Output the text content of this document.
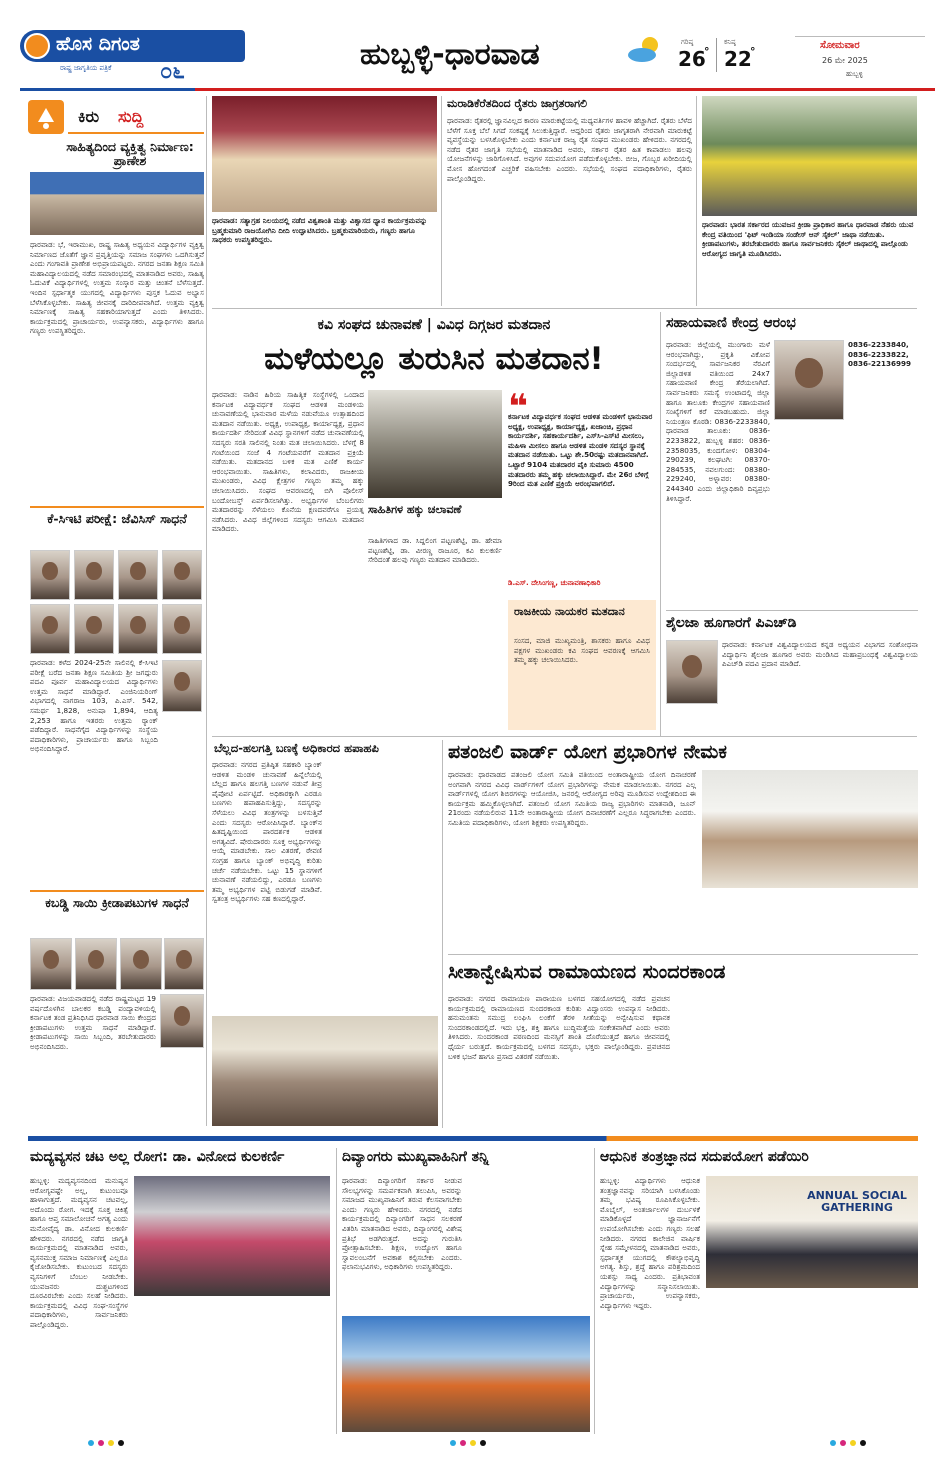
ಹೊಸ ದಿಗಂತ
ರಾಷ್ಟ್ರ ಜಾಗೃತಿಯ ಪತ್ರಿಕೆ ೦೬	ಹುಬ್ಬಳ್ಳಿ-ಧಾರವಾಡ	ಗರಿಷ್ಠ
26
°
ಕನಿಷ್ಠ
22
°	ಸೋಮವಾರ
26 ಮೇ 2025
ಹುಬ್ಬಳ್ಳಿ
ಕಿರು ಸುದ್ದಿ
ಸಾಹಿತ್ಯದಿಂದ ವ್ಯಕ್ತಿತ್ವ ನಿರ್ಮಾಣ: ಪ್ರಾಣೇಶ
ಧಾರವಾಡ: ಭೆ, ಇರಾಮುಖ, ರಾಷ್ಟ್ರ ಸಾಹಿತ್ಯ ಅಧ್ಯಯನ ವಿದ್ಯಾರ್ಥಿಗಳ ವ್ಯಕ್ತಿತ್ವ ನಿರ್ಮಾಣದ ಜೊತೆಗೆ ಜ್ಞಾನ ಪ್ರವೃತ್ತಿಯನ್ನು ಸಮಾಜ ಸಂಘಗಳು ಒದಗಿಸುತ್ತವೆ ಎಂದು ಗಂಗಾವತಿ ಪ್ರಾಣೇಶ ಅಭಿಪ್ರಾಯಪಟ್ಟರು. ನಗರದ ಜನತಾ ಶಿಕ್ಷಣ ಸಮಿತಿ ಮಹಾವಿದ್ಯಾಲಯದಲ್ಲಿ ನಡೆದ ಸಮಾರಂಭದಲ್ಲಿ ಮಾತನಾಡಿದ ಅವರು, ಸಾಹಿತ್ಯ ಓದುವಿಕೆ ವಿದ್ಯಾರ್ಥಿಗಳಲ್ಲಿ ಉತ್ತಮ ಸಂಸ್ಕಾರ ಮತ್ತು ಚಿಂತನೆ ಬೆಳೆಸುತ್ತದೆ. ಇಂದಿನ ಸ್ಪರ್ಧಾತ್ಮಕ ಯುಗದಲ್ಲಿ ವಿದ್ಯಾರ್ಥಿಗಳು ಪುಸ್ತಕ ಓದುವ ಅಭ್ಯಾಸ ಬೆಳೆಸಿಕೊಳ್ಳಬೇಕು. ಸಾಹಿತ್ಯ ಜೀವನಕ್ಕೆ ದಾರಿದೀಪವಾಗಿದೆ. ಉತ್ತಮ ವ್ಯಕ್ತಿತ್ವ ನಿರ್ಮಾಣಕ್ಕೆ ಸಾಹಿತ್ಯ ಸಹಕಾರಿಯಾಗುತ್ತದೆ ಎಂದು ತಿಳಿಸಿದರು. ಕಾರ್ಯಕ್ರಮದಲ್ಲಿ ಪ್ರಾಚಾರ್ಯರು, ಉಪನ್ಯಾಸಕರು, ವಿದ್ಯಾರ್ಥಿಗಳು ಹಾಗೂ ಗಣ್ಯರು ಉಪಸ್ಥಿತರಿದ್ದರು.
ಕೆ-ಸಿಇಟಿ ಪರೀಕ್ಷೆ: ಜೆವಿಸಿಸ್ ಸಾಧನೆ
ಧಾರವಾಡ: ಕಳೆದ 2024-25ನೇ ಸಾಲಿನಲ್ಲಿ ಕೆ-ಸಿಇಟಿ ಪರೀಕ್ಷೆ ಬರೆದ ಜನತಾ ಶಿಕ್ಷಣ ಸಮಿತಿಯ ಶ್ರೀ ಜಗದ್ಗುರು ಪದವಿ ಪೂರ್ವ ಮಹಾವಿದ್ಯಾಲಯದ ವಿದ್ಯಾರ್ಥಿಗಳು ಉತ್ತಮ ಸಾಧನೆ ಮಾಡಿದ್ದಾರೆ. ಎಂಜಿನಿಯರಿಂಗ್ ವಿಭಾಗದಲ್ಲಿ ನಾಗರಾಜ 103, ಪಿ.ಎಸ್. 542, ಸಮರ್ಥ 1,828, ಅನುಷಾ 1,894, ಆದಿತ್ಯ 2,253 ಹಾಗೂ ಇತರರು ಉತ್ತಮ ರ‍್ಯಾಂಕ್ ಪಡೆದಿದ್ದಾರೆ. ಸಾಧನೆಗೈದ ವಿದ್ಯಾರ್ಥಿಗಳನ್ನು ಸಂಸ್ಥೆಯ ಪದಾಧಿಕಾರಿಗಳು, ಪ್ರಾಚಾರ್ಯರು ಹಾಗೂ ಸಿಬ್ಬಂದಿ ಅಭಿನಂದಿಸಿದ್ದಾರೆ.
ಕಬಡ್ಡಿ ಸಾಯಿ ಕ್ರೀಡಾಪಟುಗಳ ಸಾಧನೆ
ಧಾರವಾಡ: ವಿಜಯವಾಡದಲ್ಲಿ ನಡೆದ ರಾಷ್ಟ್ರಮಟ್ಟದ 19 ವರ್ಷದೊಳಗಿನ ಬಾಲಕರ ಕಬಡ್ಡಿ ಪಂದ್ಯಾವಳಿಯಲ್ಲಿ ಕರ್ನಾಟಕ ತಂಡ ಪ್ರತಿನಿಧಿಸಿದ ಧಾರವಾಡ ಸಾಯಿ ಕೇಂದ್ರದ ಕ್ರೀಡಾಪಟುಗಳು ಉತ್ತಮ ಸಾಧನೆ ಮಾಡಿದ್ದಾರೆ. ಕ್ರೀಡಾಪಟುಗಳನ್ನು ಸಾಯಿ ಸಿಬ್ಬಂದಿ, ತರಬೇತುದಾರರು ಅಭಿನಂದಿಸಿದರು.
ಧಾರವಾಡ: ಸತ್ಯಾಗ್ರಹ ನಿಲಯದಲ್ಲಿ ನಡೆದ ವಿಶ್ವಶಾಂತಿ ಮತ್ತು ವಿಶ್ವಾಸದ ಧ್ಯಾನ ಕಾರ್ಯಕ್ರಮವನ್ನು ಬ್ರಹ್ಮಕುಮಾರಿ ರಾಜಯೋಗಿನಿ ದೀದಿ ಉದ್ಘಾಟಿಸಿದರು. ಬ್ರಹ್ಮಕುಮಾರಿಯರು, ಗಣ್ಯರು ಹಾಗೂ ಸಾಧಕರು ಉಪಸ್ಥಿತರಿದ್ದರು.
ಮರಾಡಿಕೆರೆತದಿಂದ ರೈತರು ಜಾಗ್ರತರಾಗಲಿ
ಧಾರವಾಡ: ರೈತರಲ್ಲಿ ಜ್ಞಾನವಿಲ್ಲದ ಕಾರಣ ಮಾರುಕಟ್ಟೆಯಲ್ಲಿ ಮಧ್ಯವರ್ತಿಗಳ ಹಾವಳಿ ಹೆಚ್ಚಾಗಿದೆ. ರೈತರು ಬೆಳೆದ ಬೆಳೆಗೆ ಸೂಕ್ತ ಬೆಲೆ ಸಿಗದೆ ಸಂಕಷ್ಟಕ್ಕೆ ಸಿಲುಕುತ್ತಿದ್ದಾರೆ. ಆದ್ದರಿಂದ ರೈತರು ಜಾಗೃತರಾಗಿ ನೇರವಾಗಿ ಮಾರುಕಟ್ಟೆ ವ್ಯವಸ್ಥೆಯನ್ನು ಬಳಸಿಕೊಳ್ಳಬೇಕು ಎಂದು ಕರ್ನಾಟಕ ರಾಜ್ಯ ರೈತ ಸಂಘದ ಮುಖಂಡರು ಹೇಳಿದರು. ನಗರದಲ್ಲಿ ನಡೆದ ರೈತರ ಜಾಗೃತಿ ಸಭೆಯಲ್ಲಿ ಮಾತನಾಡಿದ ಅವರು, ಸರ್ಕಾರ ರೈತರ ಹಿತ ಕಾಪಾಡಲು ಹಲವು ಯೋಜನೆಗಳನ್ನು ಜಾರಿಗೊಳಿಸಿದೆ. ಅವುಗಳ ಸದುಪಯೋಗ ಪಡೆದುಕೊಳ್ಳಬೇಕು. ಬೀಜ, ಗೊಬ್ಬರ ಖರೀದಿಯಲ್ಲಿ ಮೋಸ ಹೋಗದಂತೆ ಎಚ್ಚರಿಕೆ ವಹಿಸಬೇಕು ಎಂದರು. ಸಭೆಯಲ್ಲಿ ಸಂಘದ ಪದಾಧಿಕಾರಿಗಳು, ರೈತರು ಪಾಲ್ಗೊಂಡಿದ್ದರು.
ಧಾರವಾಡ: ಭಾರತ ಸರ್ಕಾರದ ಯುವಜನ ಕ್ರೀಡಾ ಪ್ರಾಧಿಕಾರ ಹಾಗೂ ಧಾರವಾಡ ನೆಹರು ಯುವ ಕೇಂದ್ರ ವತಿಯಿಂದ 'ಫಿಟ್ ಇಂಡಿಯಾ ಸಂಡೇಸ್ ಆನ್ ಸೈಕಲ್' ಜಾಥಾ ನಡೆಯಿತು. ಕ್ರೀಡಾಪಟುಗಳು, ತರಬೇತುದಾರರು ಹಾಗೂ ಸಾರ್ವಜನಿಕರು ಸೈಕಲ್ ಜಾಥಾದಲ್ಲಿ ಪಾಲ್ಗೊಂಡು ಆರೋಗ್ಯದ ಜಾಗೃತಿ ಮೂಡಿಸಿದರು.
ಕವಿ ಸಂಘದ ಚುನಾವಣೆ | ವಿವಿಧ ದಿಗ್ಗಜರ ಮತದಾನ
ಮಳೆಯಲ್ಲೂ ತುರುಸಿನ ಮತದಾನ!
ಧಾರವಾಡ: ನಾಡಿನ ಹಿರಿಯ ಸಾಹಿತ್ಯಿಕ ಸಂಸ್ಥೆಗಳಲ್ಲಿ ಒಂದಾದ ಕರ್ನಾಟಕ ವಿದ್ಯಾವರ್ಧಕ ಸಂಘದ ಆಡಳಿತ ಮಂಡಳಿಯ ಚುನಾವಣೆಯಲ್ಲಿ ಭಾನುವಾರ ಮಳೆಯ ನಡುವೆಯೂ ಉತ್ಸಾಹದಿಂದ ಮತದಾನ ನಡೆಯಿತು. ಅಧ್ಯಕ್ಷ, ಉಪಾಧ್ಯಕ್ಷ, ಕಾರ್ಯಾಧ್ಯಕ್ಷ, ಪ್ರಧಾನ ಕಾರ್ಯದರ್ಶಿ ಸೇರಿದಂತೆ ವಿವಿಧ ಸ್ಥಾನಗಳಿಗೆ ನಡೆದ ಚುನಾವಣೆಯಲ್ಲಿ ಸದಸ್ಯರು ಸರತಿ ಸಾಲಿನಲ್ಲಿ ನಿಂತು ಮತ ಚಲಾಯಿಸಿದರು. ಬೆಳಗ್ಗೆ 8 ಗಂಟೆಯಿಂದ ಸಂಜೆ 4 ಗಂಟೆಯವರೆಗೆ ಮತದಾನ ಪ್ರಕ್ರಿಯೆ ನಡೆಯಿತು. ಮತದಾನದ ಬಳಿಕ ಮತ ಎಣಿಕೆ ಕಾರ್ಯ ಆರಂಭವಾಯಿತು. ಸಾಹಿತಿಗಳು, ಕಲಾವಿದರು, ರಾಜಕೀಯ ಮುಖಂಡರು, ವಿವಿಧ ಕ್ಷೇತ್ರಗಳ ಗಣ್ಯರು ತಮ್ಮ ಹಕ್ಕು ಚಲಾಯಿಸಿದರು. ಸಂಘದ ಆವರಣದಲ್ಲಿ ಬಿಗಿ ಪೊಲೀಸ್ ಬಂದೋಬಸ್ತ್ ಏರ್ಪಡಿಸಲಾಗಿತ್ತು. ಅಭ್ಯರ್ಥಿಗಳ ಬೆಂಬಲಿಗರು ಮತದಾರರನ್ನು ಸೆಳೆಯಲು ಕೊನೆಯ ಕ್ಷಣದವರೆಗೂ ಪ್ರಯತ್ನ ನಡೆಸಿದರು. ವಿವಿಧ ಜಿಲ್ಲೆಗಳಿಂದ ಸದಸ್ಯರು ಆಗಮಿಸಿ ಮತದಾನ ಮಾಡಿದರು.
ಸಾಹಿತಿಗಳ ಹಕ್ಕು ಚಲಾವಣೆ
ಸಾಹಿತಿಗಳಾದ ಡಾ. ಸಿದ್ದಲಿಂಗ ಪಟ್ಟಣಶೆಟ್ಟಿ, ಡಾ. ಹೇಮಾ ಪಟ್ಟಣಶೆಟ್ಟಿ, ಡಾ. ವೀರಣ್ಣ ರಾಜೂರ, ಕವಿ ಕುಲಕರ್ಣಿ ಸೇರಿದಂತೆ ಹಲವು ಗಣ್ಯರು ಮತದಾನ ಮಾಡಿದರು.
❝
ಕರ್ನಾಟಕ ವಿದ್ಯಾವರ್ಧಕ ಸಂಘದ ಆಡಳಿತ ಮಂಡಳಿಗೆ ಭಾನುವಾರ ಅಧ್ಯಕ್ಷ, ಉಪಾಧ್ಯಕ್ಷ, ಕಾರ್ಯಾಧ್ಯಕ್ಷ, ಖಜಾಂಚಿ, ಪ್ರಧಾನ ಕಾರ್ಯದರ್ಶಿ, ಸಹಕಾರ್ಯದರ್ಶಿ, ಎಸ್‌ಸಿ-ಎಸ್‌ಟಿ ಮೀಸಲು, ಮಹಿಳಾ ಮೀಸಲು ಹಾಗೂ ಆಡಳಿತ ಮಂಡಳಿ ಸದಸ್ಯರ ಸ್ಥಾನಕ್ಕೆ ಮತದಾನ ನಡೆಯಿತು. ಒಟ್ಟು ಶೇ.50ರಷ್ಟು ಮತದಾನವಾಗಿದೆ. ಒಟ್ಟಾರೆ 9104 ಮತದಾರರ ಪೈಕಿ ಸುಮಾರು 4500 ಮತದಾರರು ತಮ್ಮ ಹಕ್ಕು ಚಲಾಯಿಸಿದ್ದಾರೆ. ಮೇ 26ರ ಬೆಳಿಗ್ಗೆ 9ರಿಂದ ಮತ ಎಣಿಕೆ ಪ್ರಕ್ರಿಯೆ ಆರಂಭವಾಗಲಿದೆ.
ಡಿ.ಎಸ್. ದೇಸಿಂಗಣ್ಣ, ಚುನಾವಣಾಧಿಕಾರಿ
ರಾಜಕೀಯ ನಾಯಕರ ಮತದಾನ
ಸಂಸದ, ಮಾಜಿ ಮುಖ್ಯಮಂತ್ರಿ, ಶಾಸಕರು ಹಾಗೂ ವಿವಿಧ ಪಕ್ಷಗಳ ಮುಖಂಡರು ಕವಿ ಸಂಘದ ಆವರಣಕ್ಕೆ ಆಗಮಿಸಿ ತಮ್ಮ ಹಕ್ಕು ಚಲಾಯಿಸಿದರು.
ಸಹಾಯವಾಣಿ ಕೇಂದ್ರ ಆರಂಭ
ಧಾರವಾಡ: ಜಿಲ್ಲೆಯಲ್ಲಿ ಮುಂಗಾರು ಮಳೆ ಆರಂಭವಾಗಿದ್ದು, ಪ್ರಕೃತಿ ವಿಕೋಪ ಸಂದರ್ಭದಲ್ಲಿ ಸಾರ್ವಜನಿಕರ ನೆರವಿಗೆ ಜಿಲ್ಲಾಡಳಿತ ವತಿಯಿಂದ 24x7 ಸಹಾಯವಾಣಿ ಕೇಂದ್ರ ತೆರೆಯಲಾಗಿದೆ. ಸಾರ್ವಜನಿಕರು ಸಮಸ್ಯೆ ಉಂಟಾದಲ್ಲಿ ಜಿಲ್ಲಾ ಹಾಗೂ ತಾಲೂಕು ಕೇಂದ್ರಗಳ ಸಹಾಯವಾಣಿ ಸಂಖ್ಯೆಗಳಿಗೆ ಕರೆ ಮಾಡಬಹುದು. ಜಿಲ್ಲಾ ನಿಯಂತ್ರಣ ಕೊಠಡಿ: 0836-2233840, ಧಾರವಾಡ ತಾಲೂಕು: 0836-2233822, ಹುಬ್ಬಳ್ಳಿ ಶಹರ: 0836-2358035, ಕುಂದಗೋಳ: 08304-290239, ಕಲಘಟಗಿ: 08370-284535, ನವಲಗುಂದ: 08380-229240, ಅಳ್ನಾವರ: 08380-244340 ಎಂದು ಜಿಲ್ಲಾಧಿಕಾರಿ ದಿವ್ಯಪ್ರಭು ತಿಳಿಸಿದ್ದಾರೆ.
0836-2233840, 0836-2233822, 0836-22136999
ಶೈಲಜಾ ಹೂಗಾರಗೆ ಪಿಎಚ್‌ಡಿ
ಧಾರವಾಡ: ಕರ್ನಾಟಕ ವಿಶ್ವವಿದ್ಯಾಲಯದ ಕನ್ನಡ ಅಧ್ಯಯನ ವಿಭಾಗದ ಸಂಶೋಧನಾ ವಿದ್ಯಾರ್ಥಿನಿ ಶೈಲಜಾ ಹೂಗಾರ ಅವರು ಮಂಡಿಸಿದ ಮಹಾಪ್ರಬಂಧಕ್ಕೆ ವಿಶ್ವವಿದ್ಯಾಲಯ ಪಿಎಚ್‌ಡಿ ಪದವಿ ಪ್ರದಾನ ಮಾಡಿದೆ.
ಬೆಲ್ಲದ-ಹಲಗತ್ತಿ ಬಣಕ್ಕೆ ಅಧಿಕಾರದ ಹಪಾಹಪಿ
ಧಾರವಾಡ: ನಗರದ ಪ್ರತಿಷ್ಠಿತ ಸಹಕಾರಿ ಬ್ಯಾಂಕ್ ಆಡಳಿತ ಮಂಡಳಿ ಚುನಾವಣೆ ಹಿನ್ನೆಲೆಯಲ್ಲಿ ಬೆಲ್ಲದ ಹಾಗೂ ಹಲಗತ್ತಿ ಬಣಗಳ ನಡುವೆ ತೀವ್ರ ಪೈಪೋಟಿ ಏರ್ಪಟ್ಟಿದೆ. ಅಧಿಕಾರಕ್ಕಾಗಿ ಎರಡೂ ಬಣಗಳು ಹಪಾಹಪಿಸುತ್ತಿದ್ದು, ಸದಸ್ಯರನ್ನು ಸೆಳೆಯಲು ವಿವಿಧ ತಂತ್ರಗಳನ್ನು ಬಳಸುತ್ತಿವೆ ಎಂದು ಸದಸ್ಯರು ಆರೋಪಿಸಿದ್ದಾರೆ. ಬ್ಯಾಂಕ್‌ನ ಹಿತದೃಷ್ಟಿಯಿಂದ ಪಾರದರ್ಶಕ ಆಡಳಿತ ಅಗತ್ಯವಿದೆ. ಷೇರುದಾರರು ಸೂಕ್ತ ಅಭ್ಯರ್ಥಿಗಳನ್ನು ಆಯ್ಕೆ ಮಾಡಬೇಕು. ಸಾಲ ವಿತರಣೆ, ಠೇವಣಿ ಸಂಗ್ರಹ ಹಾಗೂ ಬ್ಯಾಂಕ್ ಅಭಿವೃದ್ಧಿ ಕುರಿತು ಚರ್ಚೆ ನಡೆಯಬೇಕು. ಒಟ್ಟು 15 ಸ್ಥಾನಗಳಿಗೆ ಚುನಾವಣೆ ನಡೆಯಲಿದ್ದು, ಎರಡೂ ಬಣಗಳು ತಮ್ಮ ಅಭ್ಯರ್ಥಿಗಳ ಪಟ್ಟಿ ಬಿಡುಗಡೆ ಮಾಡಿವೆ. ಸ್ವತಂತ್ರ ಅಭ್ಯರ್ಥಿಗಳು ಸಹ ಕಣದಲ್ಲಿದ್ದಾರೆ.
ಪತಂಜಲಿ ವಾರ್ಡ್ ಯೋಗ ಪ್ರಭಾರಿಗಳ ನೇಮಕ
ಧಾರವಾಡ: ಧಾರವಾಡದ ಪತಂಜಲಿ ಯೋಗ ಸಮಿತಿ ವತಿಯಿಂದ ಅಂತಾರಾಷ್ಟ್ರೀಯ ಯೋಗ ದಿನಾಚರಣೆ ಅಂಗವಾಗಿ ನಗರದ ವಿವಿಧ ವಾರ್ಡ್‌ಗಳಿಗೆ ಯೋಗ ಪ್ರಭಾರಿಗಳನ್ನು ನೇಮಕ ಮಾಡಲಾಯಿತು. ನಗರದ ಎಲ್ಲ ವಾರ್ಡ್‌ಗಳಲ್ಲಿ ಯೋಗ ಶಿಬಿರಗಳನ್ನು ಆಯೋಜಿಸಿ, ಜನರಲ್ಲಿ ಆರೋಗ್ಯದ ಅರಿವು ಮೂಡಿಸುವ ಉದ್ದೇಶದಿಂದ ಈ ಕಾರ್ಯಕ್ರಮ ಹಮ್ಮಿಕೊಳ್ಳಲಾಗಿದೆ. ಪತಂಜಲಿ ಯೋಗ ಸಮಿತಿಯ ರಾಜ್ಯ ಪ್ರಭಾರಿಗಳು ಮಾತನಾಡಿ, ಜೂನ್ 21ರಂದು ನಡೆಯಲಿರುವ 11ನೇ ಅಂತಾರಾಷ್ಟ್ರೀಯ ಯೋಗ ದಿನಾಚರಣೆಗೆ ಎಲ್ಲರೂ ಸಿದ್ಧರಾಗಬೇಕು ಎಂದರು. ಸಮಿತಿಯ ಪದಾಧಿಕಾರಿಗಳು, ಯೋಗ ಶಿಕ್ಷಕರು ಉಪಸ್ಥಿತರಿದ್ದರು.
ಸೀತಾನ್ವೇಷಿಸುವ ರಾಮಾಯಣದ ಸುಂದರಕಾಂಡ
ಧಾರವಾಡ: ನಗರದ ರಾಮಾಯಣ ಪಾರಾಯಣ ಬಳಗದ ಸಹಯೋಗದಲ್ಲಿ ನಡೆದ ಪ್ರವಚನ ಕಾರ್ಯಕ್ರಮದಲ್ಲಿ ರಾಮಾಯಣದ ಸುಂದರಕಾಂಡ ಕುರಿತು ವಿದ್ವಾಂಸರು ಉಪನ್ಯಾಸ ನೀಡಿದರು. ಹನುಮಂತನು ಸಮುದ್ರ ಲಂಘಿಸಿ ಲಂಕೆಗೆ ತೆರಳಿ ಸೀತೆಯನ್ನು ಅನ್ವೇಷಿಸುವ ಕಥಾನಕ ಸುಂದರಕಾಂಡದಲ್ಲಿದೆ. ಇದು ಭಕ್ತಿ, ಶಕ್ತಿ ಹಾಗೂ ಬುದ್ಧಿಮತ್ತೆಯ ಸಂಕೇತವಾಗಿದೆ ಎಂದು ಅವರು ತಿಳಿಸಿದರು. ಸುಂದರಕಾಂಡ ಪಠಣದಿಂದ ಮನಸ್ಸಿಗೆ ಶಾಂತಿ ದೊರೆಯುತ್ತದೆ ಹಾಗೂ ಜೀವನದಲ್ಲಿ ಧೈರ್ಯ ಬರುತ್ತದೆ. ಕಾರ್ಯಕ್ರಮದಲ್ಲಿ ಬಳಗದ ಸದಸ್ಯರು, ಭಕ್ತರು ಪಾಲ್ಗೊಂಡಿದ್ದರು. ಪ್ರವಚನದ ಬಳಿಕ ಭಜನೆ ಹಾಗೂ ಪ್ರಸಾದ ವಿತರಣೆ ನಡೆಯಿತು.
ಮದ್ಯವ್ಯಸನ ಚಟ ಅಲ್ಲ ರೋಗ: ಡಾ. ವಿನೋದ ಕುಲಕರ್ಣಿ
ಹುಬ್ಬಳ್ಳಿ: ಮದ್ಯವ್ಯಸನದಿಂದ ಮನುಷ್ಯನ ಆರೋಗ್ಯವಷ್ಟೇ ಅಲ್ಲ, ಕುಟುಂಬವೂ ಹಾಳಾಗುತ್ತದೆ. ಮದ್ಯವ್ಯಸನ ಚಟವಲ್ಲ, ಅದೊಂದು ರೋಗ. ಇದಕ್ಕೆ ಸೂಕ್ತ ಚಿಕಿತ್ಸೆ ಹಾಗೂ ಆಪ್ತ ಸಮಾಲೋಚನೆ ಅಗತ್ಯ ಎಂದು ಮನೋವೈದ್ಯ ಡಾ. ವಿನೋದ ಕುಲಕರ್ಣಿ ಹೇಳಿದರು. ನಗರದಲ್ಲಿ ನಡೆದ ಜಾಗೃತಿ ಕಾರ್ಯಕ್ರಮದಲ್ಲಿ ಮಾತನಾಡಿದ ಅವರು, ವ್ಯಸನಮುಕ್ತ ಸಮಾಜ ನಿರ್ಮಾಣಕ್ಕೆ ಎಲ್ಲರೂ ಕೈಜೋಡಿಸಬೇಕು. ಕುಟುಂಬದ ಸದಸ್ಯರು ವ್ಯಸನಿಗಳಿಗೆ ಬೆಂಬಲ ನೀಡಬೇಕು. ಯುವಜನರು ದುಶ್ಚಟಗಳಿಂದ ದೂರವಿರಬೇಕು ಎಂದು ಸಲಹೆ ನೀಡಿದರು. ಕಾರ್ಯಕ್ರಮದಲ್ಲಿ ವಿವಿಧ ಸಂಘ-ಸಂಸ್ಥೆಗಳ ಪದಾಧಿಕಾರಿಗಳು, ಸಾರ್ವಜನಿಕರು ಪಾಲ್ಗೊಂಡಿದ್ದರು.
ದಿವ್ಯಾಂಗರು ಮುಖ್ಯವಾಹಿನಿಗೆ ತನ್ನಿ
ಧಾರವಾಡ: ದಿವ್ಯಾಂಗರಿಗೆ ಸರ್ಕಾರ ನೀಡುವ ಸೌಲಭ್ಯಗಳನ್ನು ಸಮರ್ಪಕವಾಗಿ ತಲುಪಿಸಿ, ಅವರನ್ನು ಸಮಾಜದ ಮುಖ್ಯವಾಹಿನಿಗೆ ತರುವ ಕೆಲಸವಾಗಬೇಕು ಎಂದು ಗಣ್ಯರು ಹೇಳಿದರು. ನಗರದಲ್ಲಿ ನಡೆದ ಕಾರ್ಯಕ್ರಮದಲ್ಲಿ ದಿವ್ಯಾಂಗರಿಗೆ ಸಾಧನ ಸಲಕರಣೆ ವಿತರಿಸಿ ಮಾತನಾಡಿದ ಅವರು, ದಿವ್ಯಾಂಗರಲ್ಲಿ ವಿಶೇಷ ಪ್ರತಿಭೆ ಅಡಗಿರುತ್ತದೆ. ಅದನ್ನು ಗುರುತಿಸಿ ಪ್ರೋತ್ಸಾಹಿಸಬೇಕು. ಶಿಕ್ಷಣ, ಉದ್ಯೋಗ ಹಾಗೂ ಸ್ವಾವಲಂಬನೆಗೆ ಅವಕಾಶ ಕಲ್ಪಿಸಬೇಕು ಎಂದರು. ಫಲಾನುಭವಿಗಳು, ಅಧಿಕಾರಿಗಳು ಉಪಸ್ಥಿತರಿದ್ದರು.
ಆಧುನಿಕ ತಂತ್ರಜ್ಞಾನದ ಸದುಪಯೋಗ ಪಡೆಯಿರಿ
ಹುಬ್ಬಳ್ಳಿ: ವಿದ್ಯಾರ್ಥಿಗಳು ಆಧುನಿಕ ತಂತ್ರಜ್ಞಾನವನ್ನು ಸರಿಯಾಗಿ ಬಳಸಿಕೊಂಡು ತಮ್ಮ ಭವಿಷ್ಯ ರೂಪಿಸಿಕೊಳ್ಳಬೇಕು. ಮೊಬೈಲ್, ಅಂತರ್ಜಾಲಗಳ ದುರ್ಬಳಕೆ ಮಾಡಿಕೊಳ್ಳದೆ ಜ್ಞಾನಾರ್ಜನೆಗೆ ಉಪಯೋಗಿಸಬೇಕು ಎಂದು ಗಣ್ಯರು ಸಲಹೆ ನೀಡಿದರು. ನಗರದ ಕಾಲೇಜಿನ ವಾರ್ಷಿಕ ಸ್ನೇಹ ಸಮ್ಮೇಳನದಲ್ಲಿ ಮಾತನಾಡಿದ ಅವರು, ಸ್ಪರ್ಧಾತ್ಮಕ ಯುಗದಲ್ಲಿ ಕೌಶಲ್ಯಾಭಿವೃದ್ಧಿ ಅಗತ್ಯ. ಶಿಸ್ತು, ಶ್ರದ್ಧೆ ಹಾಗೂ ಪರಿಶ್ರಮದಿಂದ ಯಶಸ್ಸು ಸಾಧ್ಯ ಎಂದರು. ಪ್ರತಿಭಾವಂತ ವಿದ್ಯಾರ್ಥಿಗಳನ್ನು ಸನ್ಮಾನಿಸಲಾಯಿತು. ಪ್ರಾಚಾರ್ಯರು, ಉಪನ್ಯಾಸಕರು, ವಿದ್ಯಾರ್ಥಿಗಳು ಇದ್ದರು.
ANNUAL SOCIAL GATHERING
